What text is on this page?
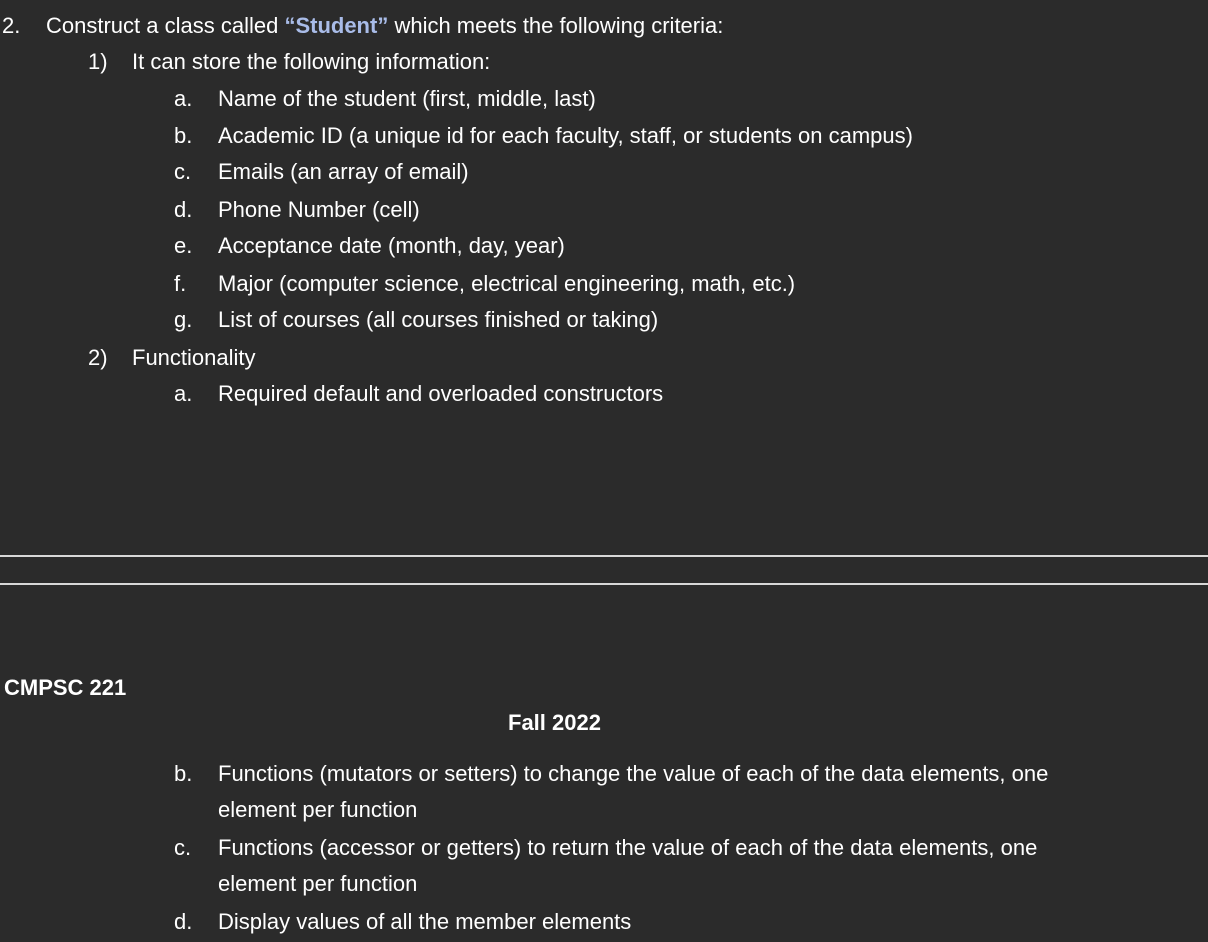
2. Construct a class called “Student” which meets the following criteria:
1) It can store the following information:
a. Name of the student (first, middle, last)
b. Academic ID (a unique id for each faculty, staff, or students on campus)
c. Emails (an array of email)
d. Phone Number (cell)
e. Acceptance date (month, day, year)
f. Major (computer science, electrical engineering, math, etc.)
g. List of courses (all courses finished or taking)
2) Functionality
a. Required default and overloaded constructors
CMPSC 221
Fall 2022
b. Functions (mutators or setters) to change the value of each of the data elements, one
element per function
c. Functions (accessor or getters) to return the value of each of the data elements, one
element per function
d. Display values of all the member elements
